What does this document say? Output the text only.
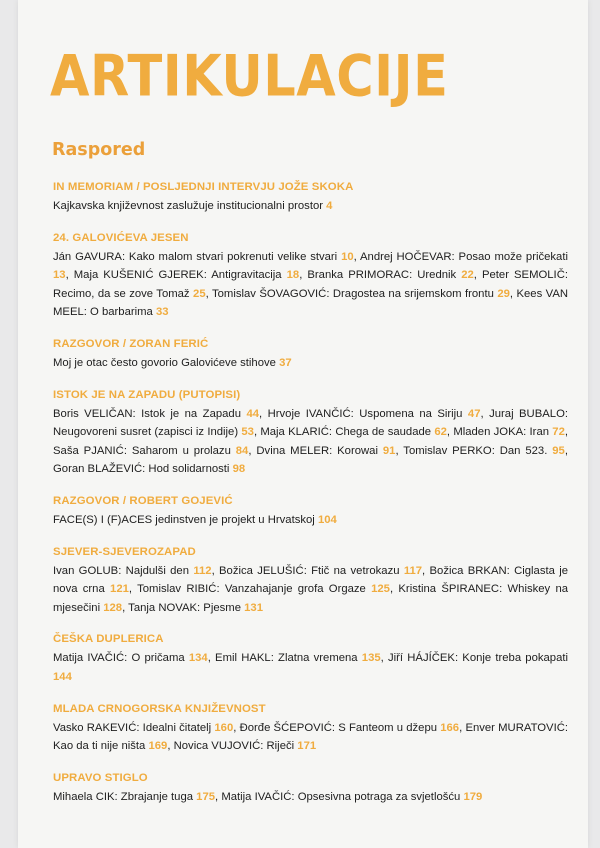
ARTIKULACIJE
Raspored
IN MEMORIAM / POSLJEDNJI INTERVJU JOŽE SKOKA

Kajkavska književnost zaslužuje institucionalni prostor 4

24. GALOVIĆEVA JESEN

Ján GAVURA: Kako malom stvari pokrenuti velike stvari 10, Andrej HOČEVAR: Posao može pričekati 13, Maja KUŠENIĆ GJEREK: Antigravitacija 18, Branka PRIMORAC: Urednik 22, Peter SEMOLIČ: Recimo, da se zove Tomaž 25, Tomislav ŠOVAGOVIĆ: Dragostea na srijemskom frontu 29, Kees VAN MEEL: O barbarima 33

RAZGOVOR / ZORAN FERIĆ

Moj je otac često govorio Galovićeve stihove 37

ISTOK JE NA ZAPADU (PUTOPISI)

Boris VELIČAN: Istok je na Zapadu 44, Hrvoje IVANČIĆ: Uspomena na Siriju 47, Juraj BUBALO: Neugovoreni susret (zapisci iz Indije) 53, Maja KLARIĆ: Chega de saudade 62, Mladen JOKA: Iran 72, Saša PJANIĆ: Saharom u prolazu 84, Dvina MELER: Korowai 91, Tomislav PERKO: Dan 523. 95, Goran BLAŽEVIĆ: Hod solidarnosti 98

RAZGOVOR / ROBERT GOJEVIĆ

FACE(S) I (F)ACES jedinstven je projekt u Hrvatskoj 104

SJEVER-SJEVEROZAPAD

Ivan GOLUB: Najdulši den 112, Božica JELUŠIĆ: Ftič na vetrokazu 117, Božica BRKAN: Ciglasta je nova crna 121, Tomislav RIBIĆ: Vanzahajanje grofa Orgaze 125, Kristina ŠPIRANEC: Whiskey na mjesečini 128, Tanja NOVAK: Pjesme 131

ČEŠKA DUPLERICA

Matija IVAČIĆ: O pričama 134, Emil HAKL: Zlatna vremena 135, Jiří HÁJÍČEK: Konje treba pokapati 144

MLADA CRNOGORSKA KNJIŽEVNOST

Vasko RAKEVIĆ: Idealni čitatelj 160, Đorđe ŠĆEPOVIĆ: S Fanteom u džepu 166, Enver MURATOVIĆ: Kao da ti nije ništa 169, Novica VUJOVIĆ: Riječi 171

UPRAVO STIGLO

Mihaela CIK: Zbrajanje tuga 175, Matija IVAČIĆ: Opsesivna potraga za svjetlošću 179
